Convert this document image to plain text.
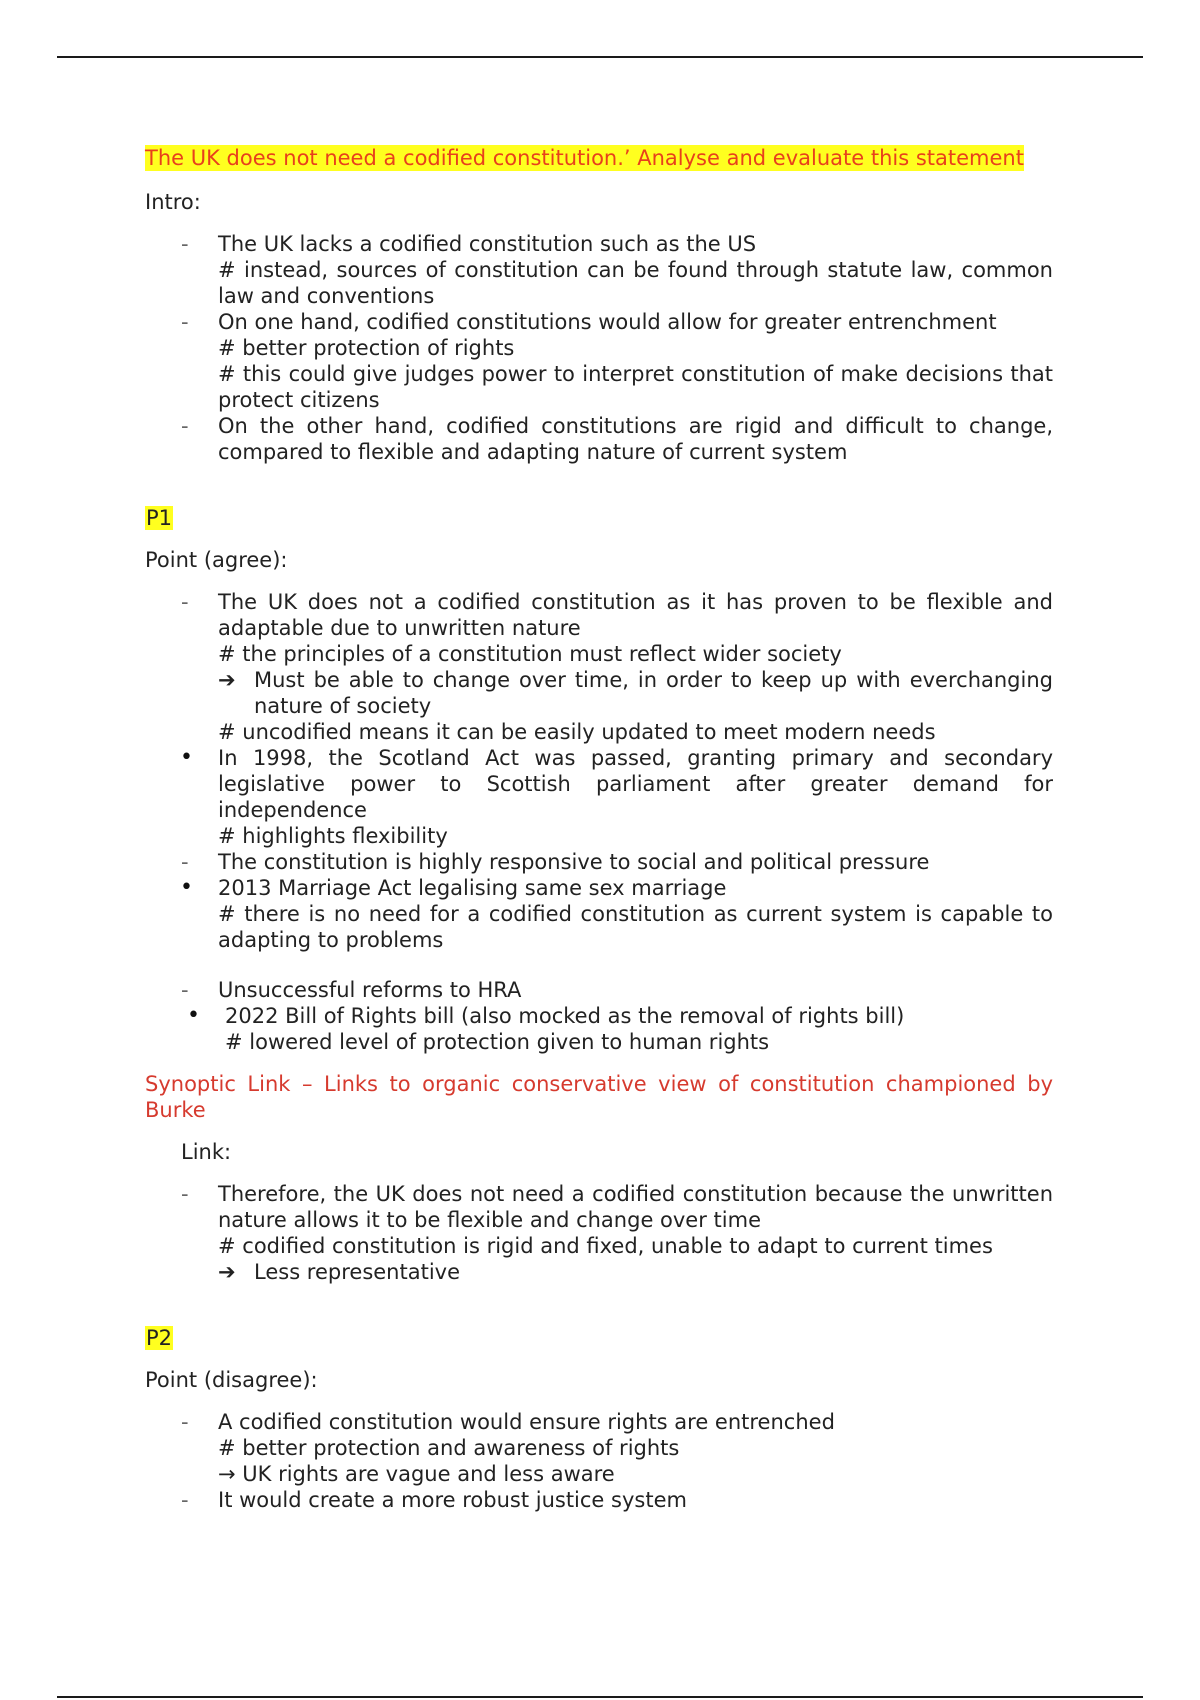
The UK does not need a codified constitution.’ Analyse and evaluate this statement

Intro:

-	The UK lacks a codified constitution such as the US
# instead, sources of constitution can be found through statute law, common law and conventions
-	On one hand, codified constitutions would allow for greater entrenchment
# better protection of rights
# this could give judges power to interpret constitution of make decisions that protect citizens
-	On the other hand, codified constitutions are rigid and difficult to change, compared to flexible and adapting nature of current system

P1

Point (agree):

-	The UK does not a codified constitution as it has proven to be flexible and adaptable due to unwritten nature
# the principles of a constitution must reflect wider society
➔ Must be able to change over time, in order to keep up with everchanging nature of society
# uncodified means it can be easily updated to meet modern needs
•	In 1998, the Scotland Act was passed, granting primary and secondary legislative power to Scottish parliament after greater demand for independence
# highlights flexibility
-	The constitution is highly responsive to social and political pressure
•	2013 Marriage Act legalising same sex marriage
# there is no need for a codified constitution as current system is capable to adapting to problems
-	Unsuccessful reforms to HRA
•	2022 Bill of Rights bill (also mocked as the removal of rights bill)
# lowered level of protection given to human rights

Synoptic Link – Links to organic conservative view of constitution championed by Burke

Link:

-	Therefore, the UK does not need a codified constitution because the unwritten nature allows it to be flexible and change over time
# codified constitution is rigid and fixed, unable to adapt to current times
➔ Less representative

P2

Point (disagree):

-	A codified constitution would ensure rights are entrenched
# better protection and awareness of rights
→ UK rights are vague and less aware
-	It would create a more robust justice system
